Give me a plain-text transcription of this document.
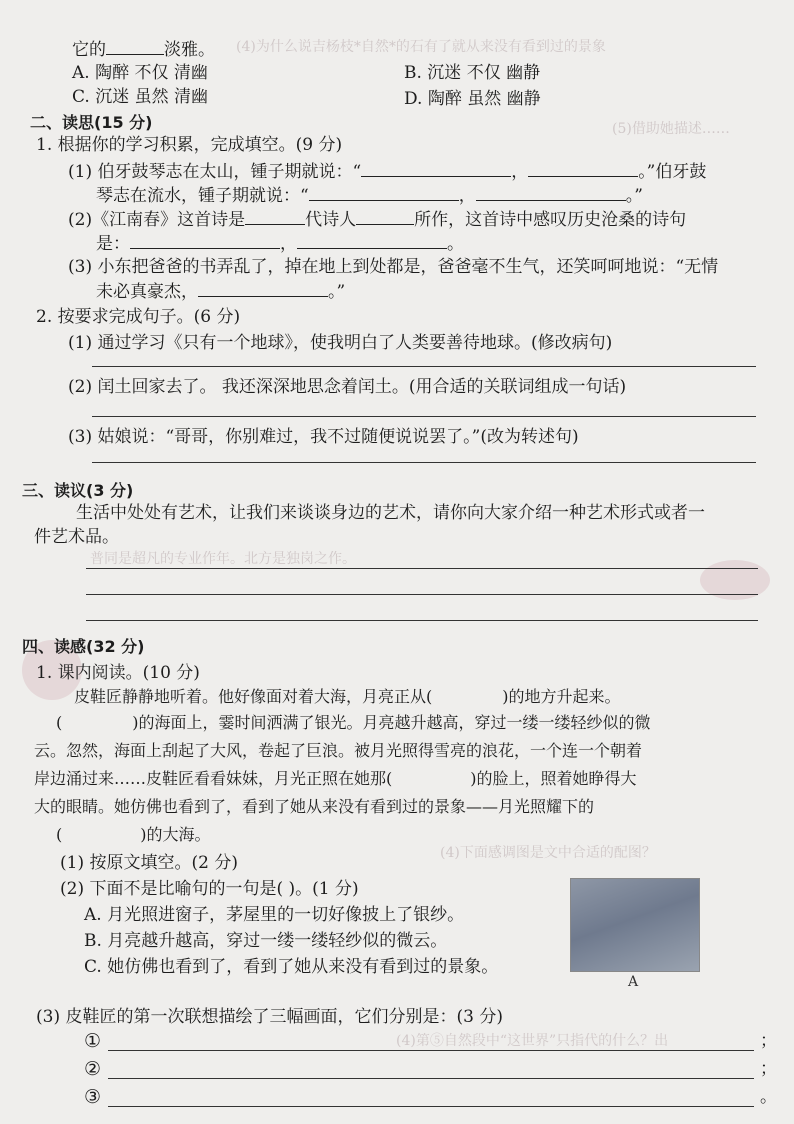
(4)为什么说吉杨枝*自然*的石有了就从来没有看到过的景象
(5)借助她描述……
普同是超凡的专业作年。北方是独岗之作。
(4)下面感调图是文中合适的配图？
(4)第⑤自然段中“这世界”只指代的什么？出
它的	淡雅。
A. 陶醉 不仅 清幽	B. 沉迷 不仅 幽静
C. 沉迷 虽然 清幽	D. 陶醉 虽然 幽静
二、读思(15 分)
1. 根据你的学习积累，完成填空。(9 分)
(1) 伯牙鼓琴志在太山，锺子期就说：“	，	。”伯牙鼓
琴志在流水，锺子期就说：“	，	。”
(2)《江南春》这首诗是	代诗人	所作，这首诗中感叹历史沧桑的诗句
是：	，	。
(3) 小东把爸爸的书弄乱了，掉在地上到处都是，爸爸毫不生气，还笑呵呵地说：“无情
未必真豪杰，	。”
2. 按要求完成句子。(6 分)
(1) 通过学习《只有一个地球》，使我明白了人类要善待地球。(修改病句)
(2) 闰土回家去了。 我还深深地思念着闰土。(用合适的关联词组成一句话)
(3) 姑娘说：“哥哥，你别难过，我不过随便说说罢了。”(改为转述句)
三、读议(3 分)
生活中处处有艺术，让我们来谈谈身边的艺术，请你向大家介绍一种艺术形式或者一
件艺术品。
四、读感(32 分)
1. 课内阅读。(10 分)
皮鞋匠静静地听着。他好像面对着大海，月亮正从(	)的地方升起来。
(	)的海面上，霎时间洒满了银光。月亮越升越高，穿过一缕一缕轻纱似的微
云。忽然，海面上刮起了大风，卷起了巨浪。被月光照得雪亮的浪花，一个连一个朝着
岸边涌过来……皮鞋匠看看妹妹，月光正照在她那(	)的脸上，照着她睁得大
大的眼睛。她仿佛也看到了，看到了她从来没有看到过的景象——月光照耀下的
(	)的大海。
(1) 按原文填空。(2 分)
(2) 下面不是比喻句的一句是( )。(1 分)
A. 月光照进窗子，茅屋里的一切好像披上了银纱。
B. 月亮越升越高，穿过一缕一缕轻纱似的微云。
C. 她仿佛也看到了，看到了她从来没有看到过的景象。
A
(3) 皮鞋匠的第一次联想描绘了三幅画面，它们分别是：(3 分)
①	；
②	；
③	。
